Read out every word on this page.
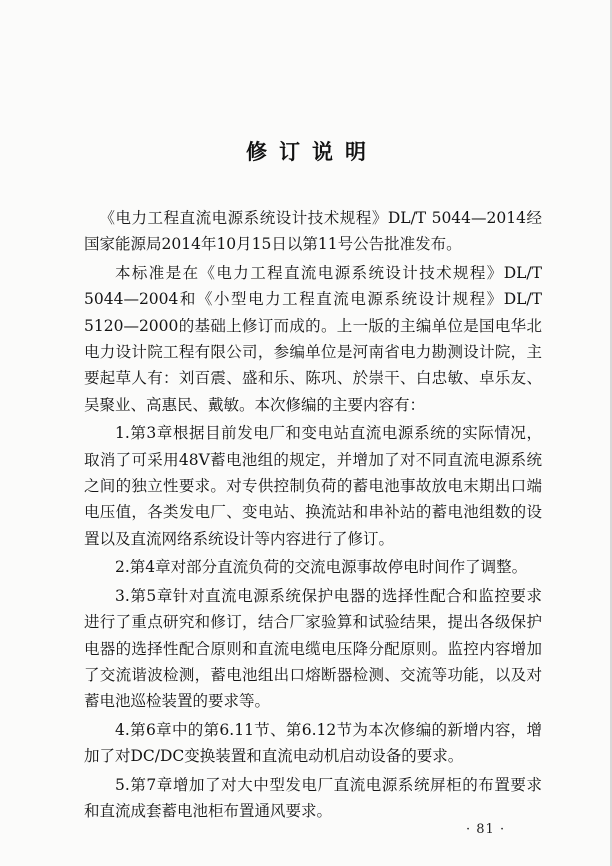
修订说明

《电力工程直流电源系统设计技术规程》DL/T 5044—2014经国家能源局2014年10月15日以第11号公告批准发布。

本标准是在《电力工程直流电源系统设计技术规程》DL/T 5044—2004和《小型电力工程直流电源系统设计规程》DL/T 5120—2000的基础上修订而成的。上一版的主编单位是国电华北电力设计院工程有限公司，参编单位是河南省电力勘测设计院，主要起草人有：刘百震、盛和乐、陈巩、於崇干、白忠敏、卓乐友、吴聚业、高惠民、戴敏。本次修编的主要内容有：

1.第3章根据目前发电厂和变电站直流电源系统的实际情况，取消了可采用48V蓄电池组的规定，并增加了对不同直流电源系统之间的独立性要求。对专供控制负荷的蓄电池事故放电末期出口端电压值，各类发电厂、变电站、换流站和串补站的蓄电池组数的设置以及直流网络系统设计等内容进行了修订。

2.第4章对部分直流负荷的交流电源事故停电时间作了调整。

3.第5章针对直流电源系统保护电器的选择性配合和监控要求进行了重点研究和修订，结合厂家验算和试验结果，提出各级保护电器的选择性配合原则和直流电缆电压降分配原则。监控内容增加了交流谐波检测，蓄电池组出口熔断器检测、交流等功能，以及对蓄电池巡检装置的要求等。

4.第6章中的第6.11节、第6.12节为本次修编的新增内容，增加了对DC/DC变换装置和直流电动机启动设备的要求。

5.第7章增加了对大中型发电厂直流电源系统屏柜的布置要求和直流成套蓄电池柜布置通风要求。

· 81 ·
